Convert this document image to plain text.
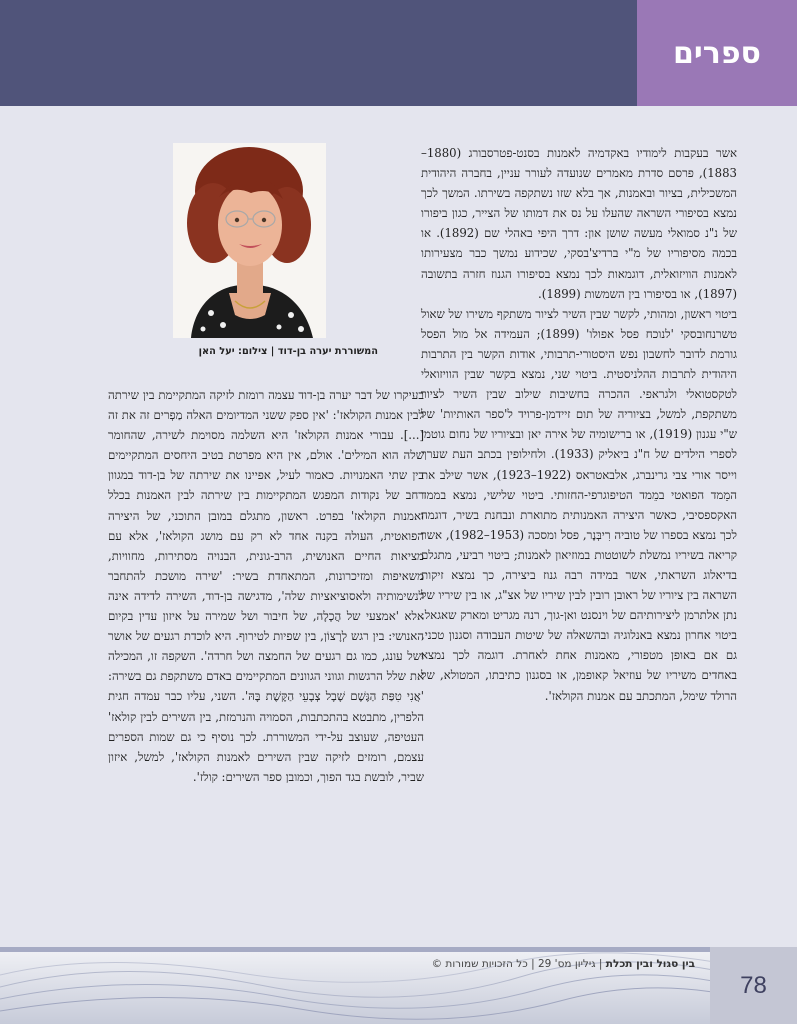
ספרים
המשוררת יערה בן-דוד | צילום: יעל האן

אשר בעקבות לימודיו באקדמיה לאמנות בסנט-פטרסבורג (1880–1883), פרסם סדרת מאמרים שנועדה לעורר עניין, בחברה היהודית המשכילית, בציור ובאמנות, אך בלא שזו נשתקפה בשירתו. המשך לכך נמצא בסיפורי השראה שהעלו על נס את דמותו של הצייר, כגון ביפורו של נ"נ סמואלי מעשה שושן און: דרך היפי באהלי שם (1892). או בכמה מסיפוריו של מ"י ברדיצ'בסקי, שכידוע נמשך כבר מצעירותו לאמנות הוויזואלית, דוגמאות לכך נמצא בסיפורו הגנוז חזרה בתשובה (1897), או בסיפורו בין השמשות (1899).

ביטוי ראשון, ומהותי, לקשר שבין השיר לציור משתקף משירו של שאול טשרנחובסקי 'לנוכח פסל אפולו' (1899); העמידה אל מול הפסל גורמת לדובר לחשבון נפש היסטורי-תרבותי, אודות הקשר בין התרבות היהודית לתרבות ההלניסטית. ביטוי שני, נמצא בקשר שבין הוויזואלי לטקסטואלי ולגראפי. ההכרה בחשיבות שילוב שבין השיר לציור משתקפת, למשל, בציוריה של תום זיידמן-פרויד ל'ספר האותיות' של ש"י עגנון (1919), או ברישומיה של אירה יאן ובציוריו של נחום גוטמן לספרי הילדים של ח"נ ביאליק (1933). ולחילופין בכתב העת שערך וייסר אורי צבי גרינברג, אלבאטראס (1922–1923), אשר שילב את המֵמד הפואטי במֵמד הטיפוגרפי-החזותי. ביטוי שלישי, נמצא בממד האקספסיבי, כאשר היצירה האמנותית מתוארת ונבחנת בשיר, דוגמה לכך נמצא בספרו של טוביה רִיבְּנֶר, פסל ומסכה (1953–1982), אשר קריאה בשיריו נמשלת לשוטטות במוזיאון לאמנות; ביטוי רביעי, מתגלם בדיאלוג השראתי, אשר במידה רבה גנוז ביצירה, כך נמצא זיקות השראה בין ציוריו של ראובן רובין לבין שיריו של אצ"ג, או בין שיריו של נתן אלתרמן ליצירותיהם של וינסנט ואן-גוך, רנה מגריט ומארק שאגאל. ביטוי אחרון נמצא באנלוגיה ובהשאלה של שיטות העבודה וסגנון טכני, גם אם באופן מטפורי, מאמנות אחת לאחרת. דוגמה לכך נמצא באחדים משיריו של עוזיאל קאופמן, או בסגנון כתיבתו, המטולא, של הרולד שימל, המתכתב עם אמנות הקולאז'.

בעיקרו של דבר יערה בן-דוד עצמה רומזת לזיקה המתקיימת בין שירתה לבין אמנות הקולאז': 'אין ספק ששני המדיומים האלה מַפְרים זה את זה [...]. עבורי אמנות הקולאז' היא השלמה מסוימת לשירה, שהחומר שלה הוא המילים'. אולם, אין היא מפרטת בטיב היחסים המתקיימים בין שתי האמנויות. כאמור לעיל, אפיינו את שירתה של בן-דוד במגוון רחב של נקודות המפגש המתקיימות בין שירתה לבין האמנות בכלל ואמנות הקולאז' בפרט. ראשון, מתגלם במובן התוכני, של היצירה הפואטית, העולה בקנה אחד לא רק עם מושג הקולאז', אלא עם מציאות החיים האנושית, הרב-גונית, הבנויה מסתירות, מחוויות, משאיפות ומזיכרונות, המתאחדת בשיר: 'שירה מושכת להתחבר לנשימותיה ולאסוציאציות שלה', מדגישה בן-דוד, השירה לדידה אינה אלא 'אמצעי של הֲכָלָה, של חיבור ושל שמירה על איזון עדין בקיום האנושי: בין רגש לְרָצוֹן, בין שפיות לטירוף. היא לוכדת רגעים של אושר ושל עונג, כמו גם רגעים של החמצה ושל חרדה'. השקפה זו, המכילה את שלל הרגשות וגווני הגוונים המתקיימים באדם משתקפת גם בשירה: 'אֲנִי טִפַּת הַגֶּשֶׁם שָׁבָל צְבָעֵי הַקֶּשֶׁת בָּהּ'. השני, עליו כבר עמדה חגית הלפרין, מתבטא בהתכתבות, הסמויה והנרמזת, בין השירים לבין קולאז' העטיפה, שעוצב על-ידי המשוררת. לכך נוסיף כי גם שמות הספרים עצמם, רומזים לזיקה שבין השירים לאמנות הקולאז', למשל, איזון שביר, לובשת בגד הפוך, וכמובן ספר השירים: קולז'.

78
בין סגול ובין תכלת | גיליון מס' 29 | כל הזכויות שמורות ©
